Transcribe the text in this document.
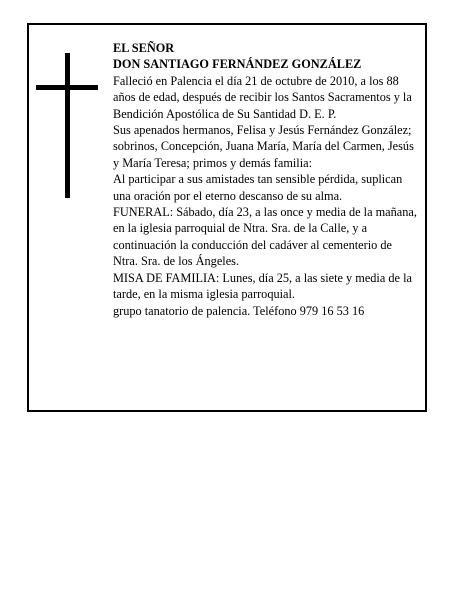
EL SEÑOR

DON SANTIAGO FERNÁNDEZ GONZÁLEZ

Falleció en Palencia el día 21 de octubre de 2010, a los 88 años de edad, después de recibir los Santos Sacramentos y la Bendición Apostólica de Su Santidad D. E. P.

Sus apenados hermanos, Felisa y Jesús Fernández González; sobrinos, Concepción, Juana María, María del Carmen, Jesús y María Teresa; primos y demás familia:

Al participar a sus amistades tan sensible pérdida, suplican una oración por el eterno descanso de su alma.

FUNERAL: Sábado, día 23, a las once y media de la mañana, en la iglesia parroquial de Ntra. Sra. de la Calle, y a continuación la conducción del cadáver al cementerio de Ntra. Sra. de los Ángeles.

MISA DE FAMILIA: Lunes, día 25, a las siete y media de la tarde, en la misma iglesia parroquial.

grupo tanatorio de palencia. Teléfono 979 16 53 16
